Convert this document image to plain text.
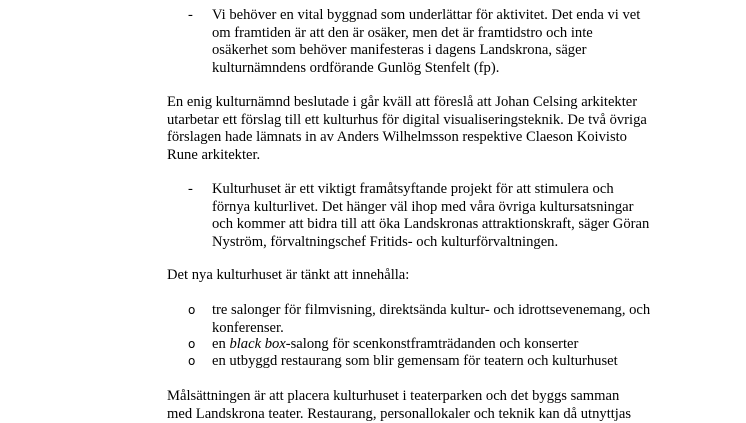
- Vi behöver en vital byggnad som underlättar för aktivitet. Det enda vi vet om framtiden är att den är osäker, men det är framtidstro och inte osäkerhet som behöver manifesteras i dagens Landskrona, säger kulturnämndens ordförande Gunlög Stenfelt (fp).

En enig kulturnämnd beslutade i går kväll att föreslå att Johan Celsing arkitekter utarbetar ett förslag till ett kulturhus för digital visualiseringsteknik. De två övriga förslagen hade lämnats in av Anders Wilhelmsson respektive Claeson Koivisto Rune arkitekter.

- Kulturhuset är ett viktigt framåtsyftande projekt för att stimulera och förnya kulturlivet. Det hänger väl ihop med våra övriga kultursatsningar och kommer att bidra till att öka Landskronas attraktionskraft, säger Göran Nyström, förvaltningschef Fritids- och kulturförvaltningen.

Det nya kulturhuset är tänkt att innehålla:

o tre salonger för filmvisning, direktsända kultur- och idrottsevenemang, och konferenser.

o en black box-salong för scenkonstframträdanden och konserter

o en utbyggd restaurang som blir gemensam för teatern och kulturhuset

Målsättningen är att placera kulturhuset i teaterparken och det byggs samman med Landskrona teater. Restaurang, personallokaler och teknik kan då utnyttjas
